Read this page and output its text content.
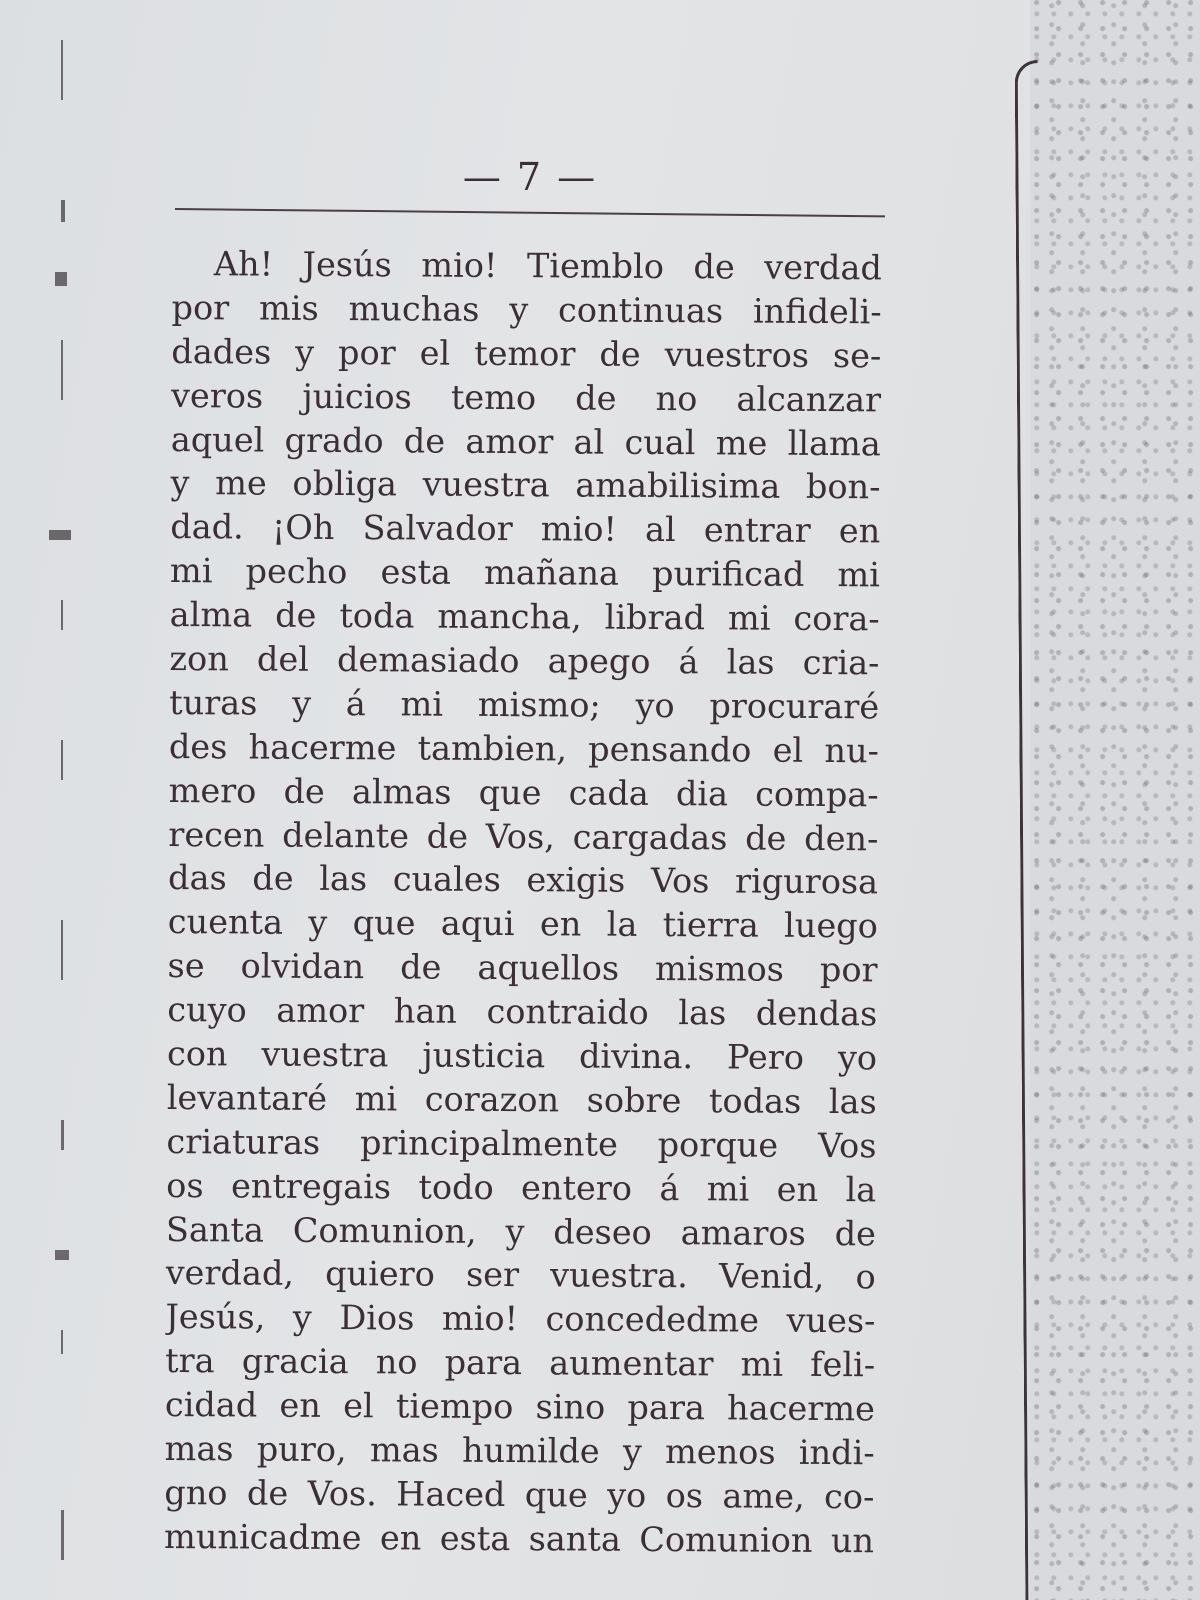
— 7 —
Ah! Jesús mio! Tiemblo de verdad
por mis muchas y continuas infideli-
dades y por el temor de vuestros se-
veros juicios temo de no alcanzar
aquel grado de amor al cual me llama
y me obliga vuestra amabilisima bon-
dad. ¡Oh Salvador mio! al entrar en
mi pecho esta mañana purificad mi
alma de toda mancha, librad mi cora-
zon del demasiado apego á las cria-
turas y á mi mismo; yo procuraré
des hacerme tambien, pensando el nu-
mero de almas que cada dia compa-
recen delante de Vos, cargadas de den-
das de las cuales exigis Vos rigurosa
cuenta y que aqui en la tierra luego
se olvidan de aquellos mismos por
cuyo amor han contraido las dendas
con vuestra justicia divina. Pero yo
levantaré mi corazon sobre todas las
criaturas principalmente porque Vos
os entregais todo entero á mi en la
Santa Comunion, y deseo amaros de
verdad, quiero ser vuestra. Venid, o
Jesús, y Dios mio! concededme vues-
tra gracia no para aumentar mi feli-
cidad en el tiempo sino para hacerme
mas puro, mas humilde y menos indi-
gno de Vos. Haced que yo os ame, co-
municadme en esta santa Comunion un
